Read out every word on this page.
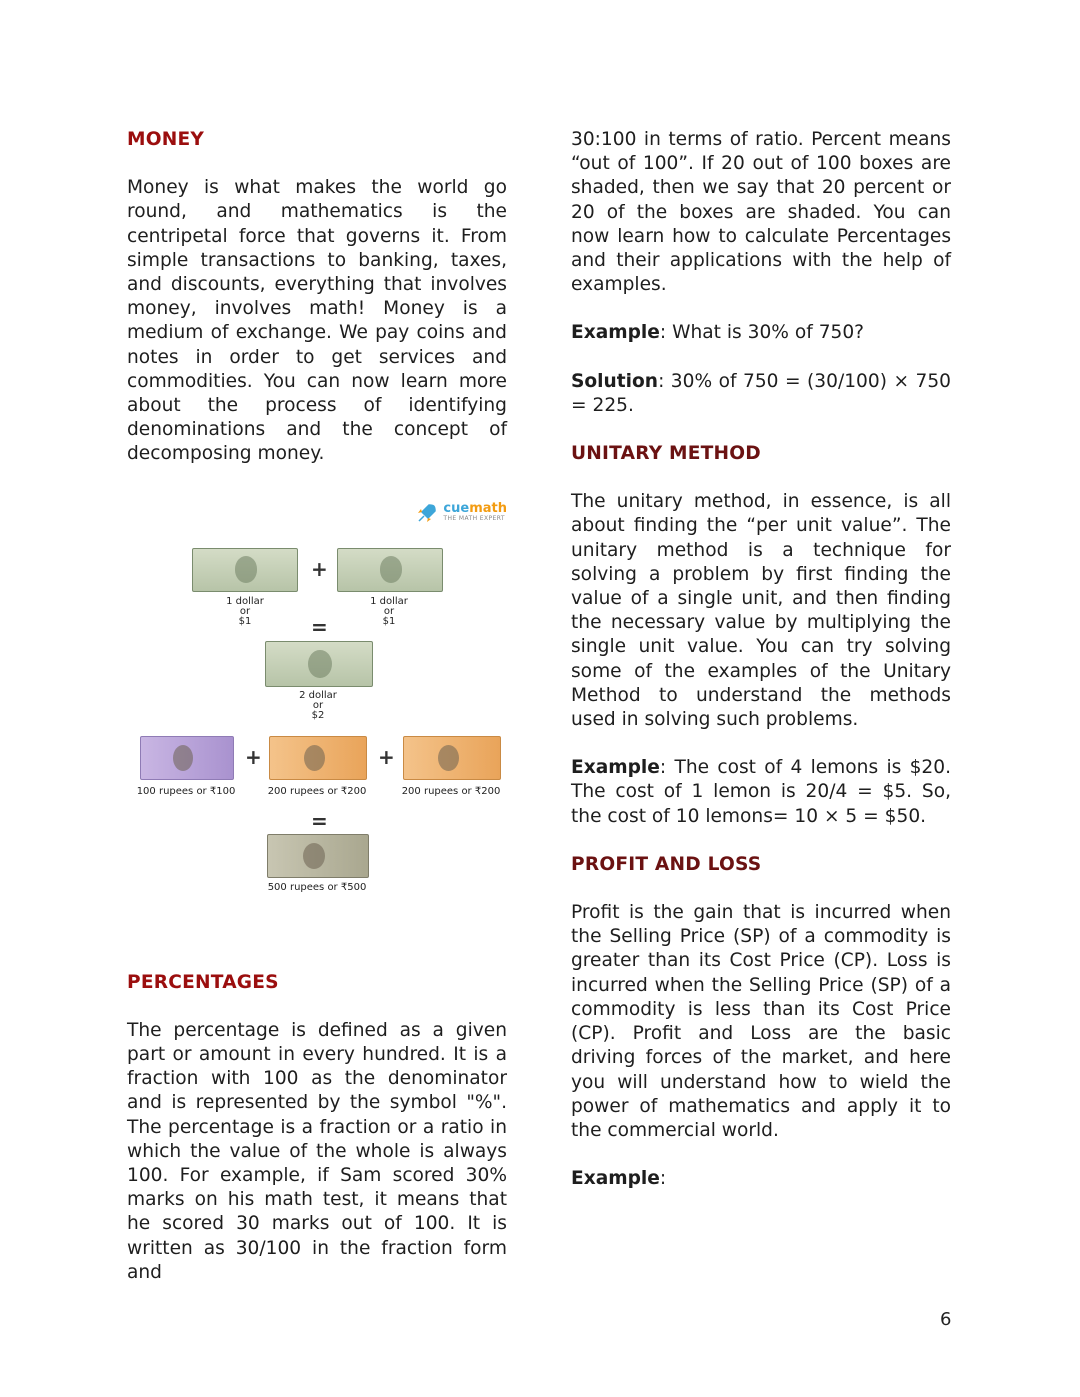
MONEY

Money is what makes the world go round, and mathematics is the centripetal force that governs it. From simple transactions to banking, taxes, and discounts, everything that involves money, involves math! Money is a medium of exchange. We pay coins and notes in order to get services and commodities. You can now learn more about the process of identifying denominations and the concept of decomposing money.

cuemath
THE MATH EXPERT
+
1 dollar
or
$1
1 dollar
or
$1
=
2 dollar
or
$2
+	+
100 rupees or ₹100	200 rupees or ₹200	200 rupees or ₹200
=
500 rupees or ₹500
PERCENTAGES

The percentage is defined as a given part or amount in every hundred. It is a fraction with 100 as the denominator and is represented by the symbol "%". The percentage is a fraction or a ratio in which the value of the whole is always 100. For example, if Sam scored 30% marks on his math test, it means that he scored 30 marks out of 100. It is written as 30/100 in the fraction form and

30:100 in terms of ratio. Percent means “out of 100”. If 20 out of 100 boxes are shaded, then we say that 20 percent or 20 of the boxes are shaded. You can now learn how to calculate Percentages and their applications with the help of examples.

Example: What is 30% of 750?

Solution: 30% of 750 = (30/100) × 750 = 225.

UNITARY METHOD

The unitary method, in essence, is all about finding the “per unit value”. The unitary method is a technique for solving a problem by first finding the value of a single unit, and then finding the necessary value by multiplying the single unit value. You can try solving some of the examples of the Unitary Method to understand the methods used in solving such problems.

Example: The cost of 4 lemons is $20. The cost of 1 lemon is 20/4 = $5. So, the cost of 10 lemons= 10 × 5 = $50.

PROFIT AND LOSS

Profit is the gain that is incurred when the Selling Price (SP) of a commodity is greater than its Cost Price (CP). Loss is incurred when the Selling Price (SP) of a commodity is less than its Cost Price (CP). Profit and Loss are the basic driving forces of the market, and here you will understand how to wield the power of mathematics and apply it to the commercial world.

Example:

6
